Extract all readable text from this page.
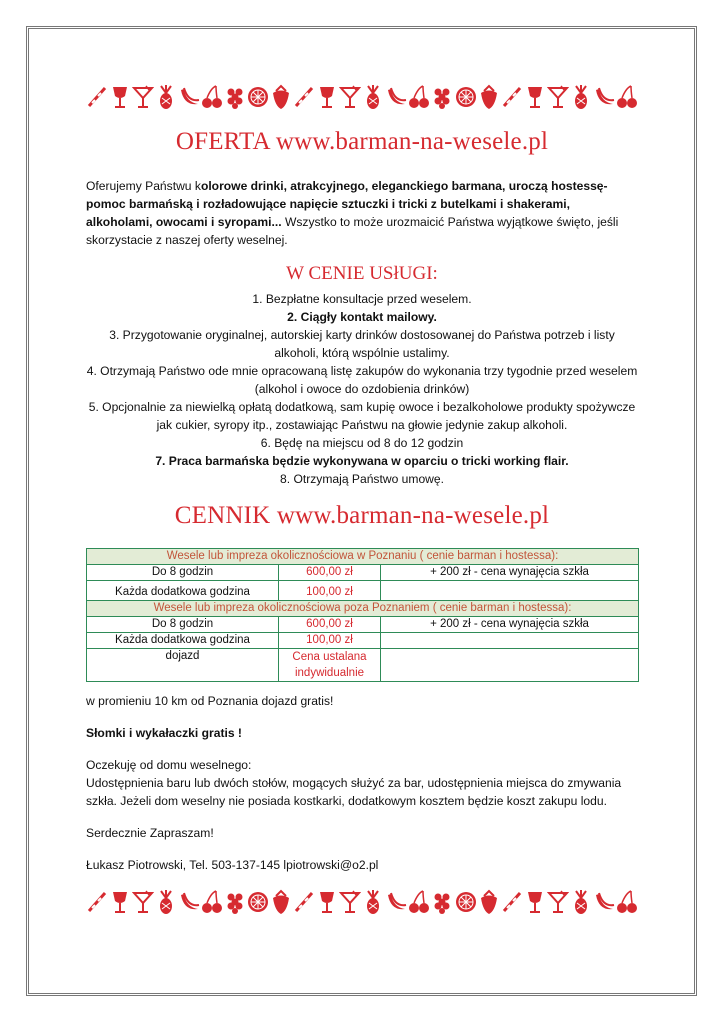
OFERTA www.barman-na-wesele.pl
Oferujemy Państwu kolorowe drinki, atrakcyjnego, eleganckiego barmana, uroczą hostessę-pomoc barmańską i rozładowujące napięcie sztuczki i tricki z butelkami i shakerami, alkoholami, owocami i syropami... Wszystko to może urozmaicić Państwa wyjątkowe święto, jeśli skorzystacie z naszej oferty weselnej.
W CENIE USłUGI:
1. Bezpłatne konsultacje przed weselem.
2. Ciągły kontakt mailowy.
3. Przygotowanie oryginalnej, autorskiej karty drinków dostosowanej do Państwa potrzeb i listy alkoholi, którą wspólnie ustalimy.
4. Otrzymają Państwo ode mnie opracowaną listę zakupów do wykonania trzy tygodnie przed weselem (alkohol i owoce do ozdobienia drinków)
5. Opcjonalnie za niewielką opłatą dodatkową, sam kupię owoce i bezalkoholowe produkty spożywcze jak cukier, syropy itp., zostawiając Państwu na głowie jedynie zakup alkoholi.
6. Będę na miejscu od 8 do 12 godzin
7. Praca barmańska będzie wykonywana w oparciu o tricki working flair.
8. Otrzymają Państwo umowę.
CENNIK www.barman-na-wesele.pl
Wesele lub impreza okolicznościowa w Poznaniu ( cenie barman i hostessa):		
Do 8 godzin	600,00 zł	+ 200 zł - cena wynajęcia szkła
Każda dodatkowa godzina	100,00 zł	
Wesele lub impreza okolicznościowa poza Poznaniem ( cenie barman i hostessa):		
Do 8 godzin	600,00 zł	+ 200 zł - cena wynajęcia szkła
Każda dodatkowa godzina	100,00 zł	
dojazd	Cena ustalana indywidualnie	
w promieniu 10 km od Poznania dojazd gratis!
Słomki i wykałaczki gratis !
Oczekuję od domu weselnego:
Udostępnienia baru lub dwóch stołów, mogących służyć za bar, udostępnienia miejsca do zmywania szkła. Jeżeli dom weselny nie posiada kostkarki, dodatkowym kosztem będzie koszt zakupu lodu.
Serdecznie Zapraszam!
Łukasz Piotrowski, Tel. 503-137-145 lpiotrowski@o2.pl
